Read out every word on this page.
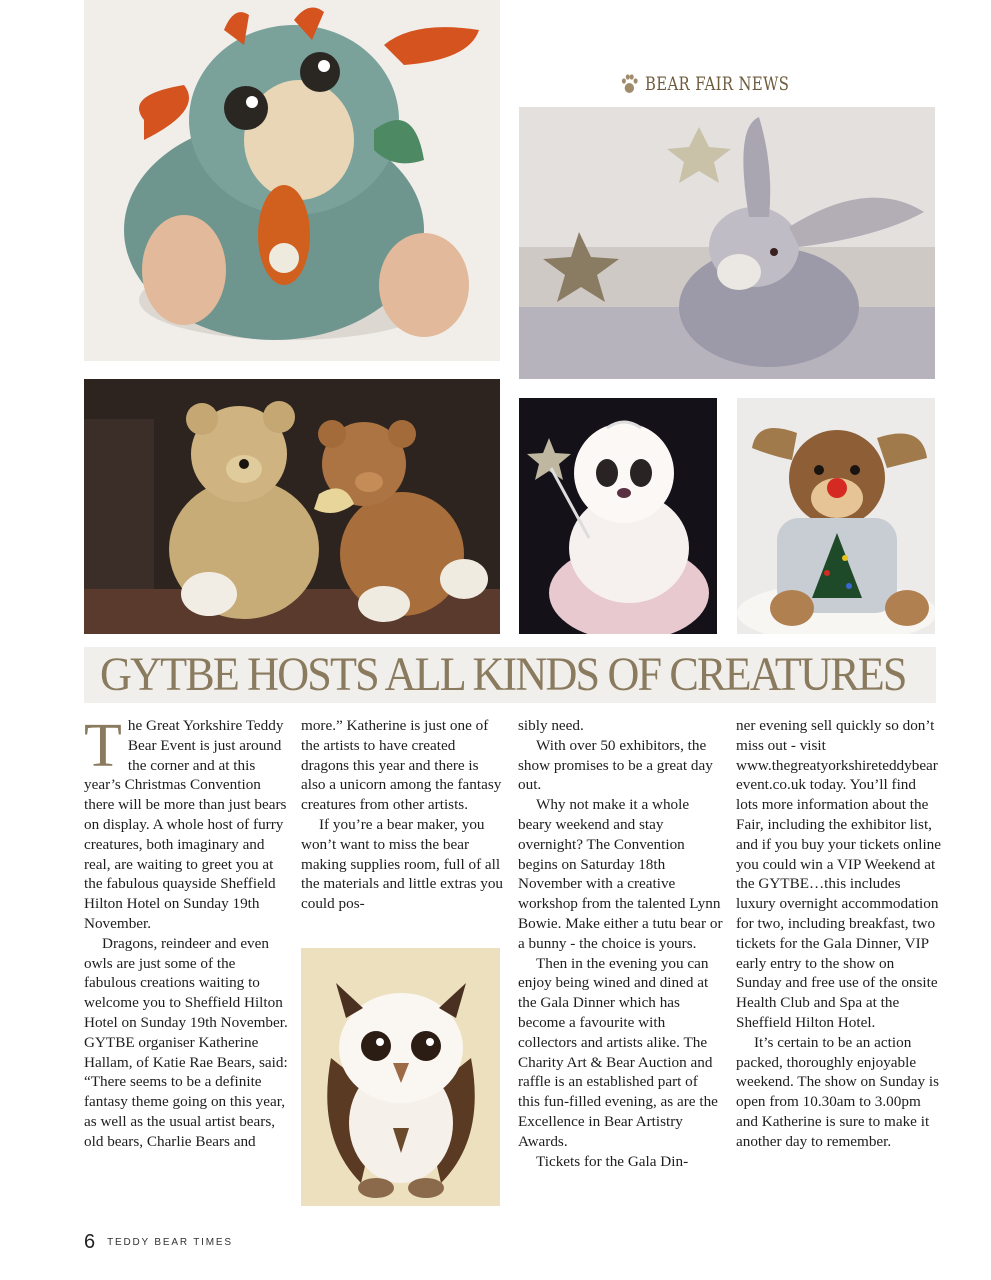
BEAR FAIR NEWS
GYTBE HOSTS ALL KINDS OF CREATURES

The Great Yorkshire Teddy Bear Event is just around the corner and at this year’s Christmas Convention there will be more than just bears on display. A whole host of furry creatures, both imaginary and real, are waiting to greet you at the fabulous quayside Sheffield Hilton Hotel on Sunday 19th November.

Dragons, reindeer and even owls are just some of the fabulous creations waiting to welcome you to Sheffield Hilton Hotel on Sunday 19th November. GYTBE organiser Katherine Hallam, of Katie Rae Bears, said: “There seems to be a definite fantasy theme going on this year, as well as the usual artist bears, old bears, Charlie Bears and

more.” Katherine is just one of the artists to have created dragons this year and there is also a unicorn among the fantasy creatures from other artists.

If you’re a bear maker, you won’t want to miss the bear making supplies room, full of all the materials and little extras you could pos-

sibly need.

With over 50 exhibitors, the show promises to be a great day out.

Why not make it a whole beary weekend and stay overnight? The Convention begins on Saturday 18th November with a creative workshop from the talented Lynn Bowie. Make either a tutu bear or a bunny - the choice is yours.

Then in the evening you can enjoy being wined and dined at the Gala Dinner which has become a favourite with collectors and artists alike. The Charity Art & Bear Auction and raffle is an established part of this fun-filled evening, as are the Excellence in Bear Artistry Awards.

Tickets for the Gala Din-

ner evening sell quickly so don’t miss out - visit www.thegreatyorkshireteddybearevent.co.uk today. You’ll find lots more information about the Fair, including the exhibitor list, and if you buy your tickets online you could win a VIP Weekend at the GYTBE…this includes luxury overnight accommodation for two, including breakfast, two tickets for the Gala Dinner, VIP early entry to the show on Sunday and free use of the onsite Health Club and Spa at the Sheffield Hilton Hotel.

It’s certain to be an action packed, thoroughly enjoyable weekend. The show on Sunday is open from 10.30am to 3.00pm and Katherine is sure to make it another day to remember.

6 TEDDY BEAR TIMES
